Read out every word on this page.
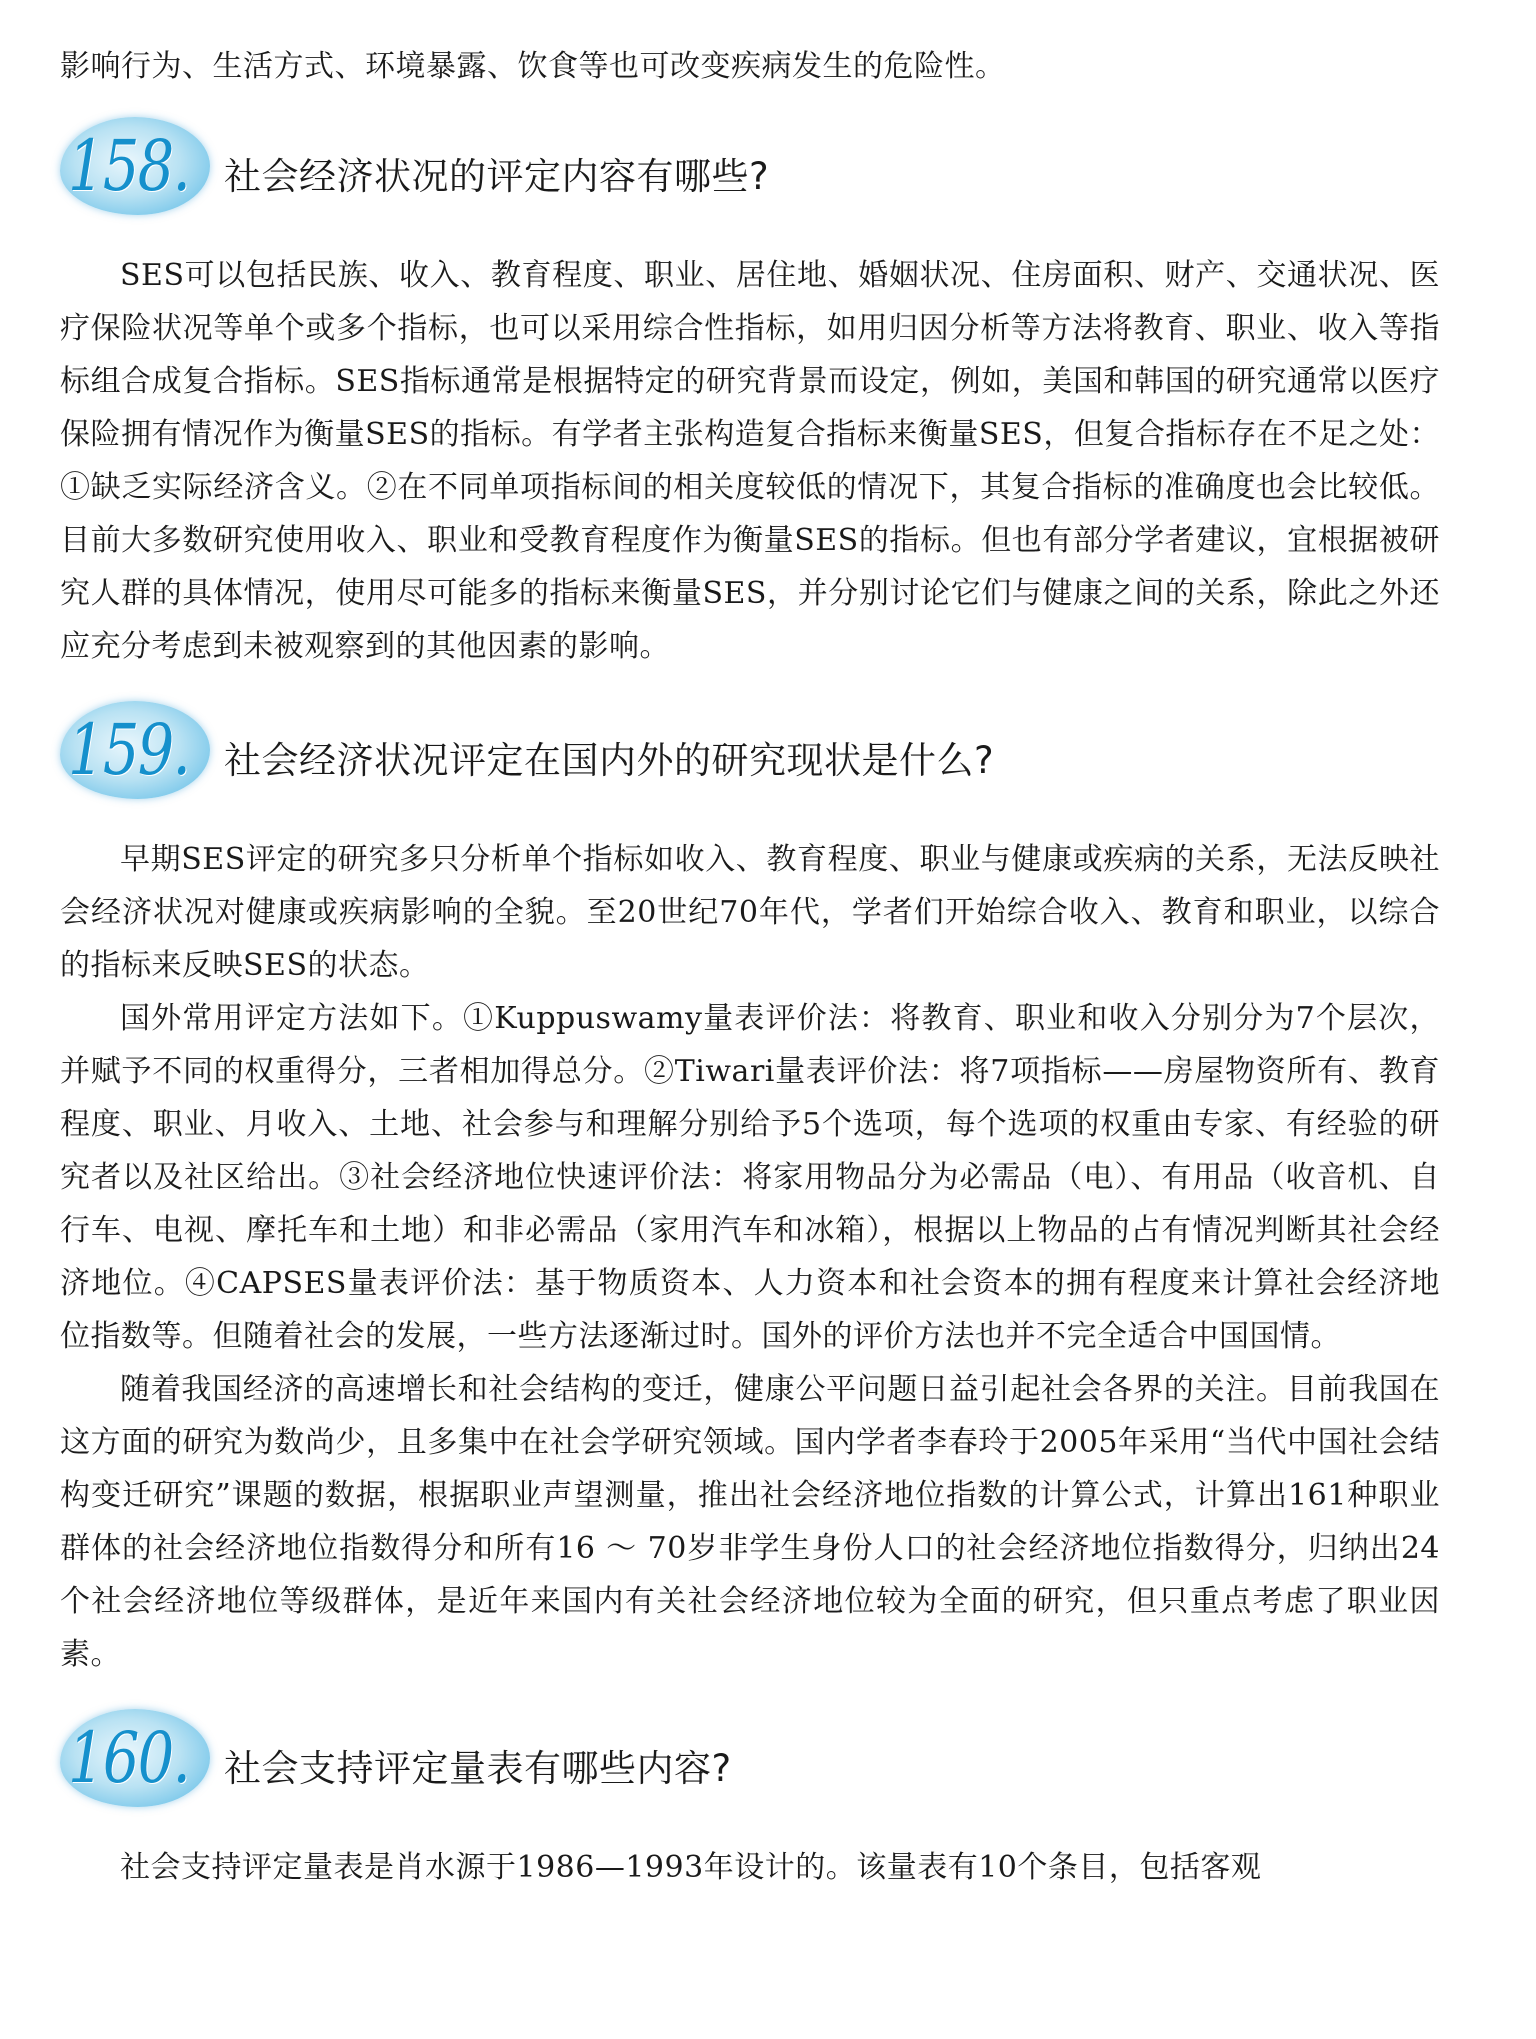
影响行为、生活方式、环境暴露、饮食等也可改变疾病发生的危险性。

158. 社会经济状况的评定内容有哪些?

SES可以包括民族、收入、教育程度、职业、居住地、婚姻状况、住房面积、财产、交通状况、医疗保险状况等单个或多个指标，也可以采用综合性指标，如用归因分析等方法将教育、职业、收入等指标组合成复合指标。SES指标通常是根据特定的研究背景而设定，例如，美国和韩国的研究通常以医疗保险拥有情况作为衡量SES的指标。有学者主张构造复合指标来衡量SES，但复合指标存在不足之处：①缺乏实际经济含义。②在不同单项指标间的相关度较低的情况下，其复合指标的准确度也会比较低。目前大多数研究使用收入、职业和受教育程度作为衡量SES的指标。但也有部分学者建议，宜根据被研究人群的具体情况，使用尽可能多的指标来衡量SES，并分别讨论它们与健康之间的关系，除此之外还应充分考虑到未被观察到的其他因素的影响。

159. 社会经济状况评定在国内外的研究现状是什么?

早期SES评定的研究多只分析单个指标如收入、教育程度、职业与健康或疾病的关系，无法反映社会经济状况对健康或疾病影响的全貌。至20世纪70年代，学者们开始综合收入、教育和职业，以综合的指标来反映SES的状态。

国外常用评定方法如下。①Kuppuswamy量表评价法：将教育、职业和收入分别分为7个层次，并赋予不同的权重得分，三者相加得总分。②Tiwari量表评价法：将7项指标——房屋物资所有、教育程度、职业、月收入、土地、社会参与和理解分别给予5个选项，每个选项的权重由专家、有经验的研究者以及社区给出。③社会经济地位快速评价法：将家用物品分为必需品（电）、有用品（收音机、自行车、电视、摩托车和土地）和非必需品（家用汽车和冰箱），根据以上物品的占有情况判断其社会经济地位。④CAPSES量表评价法：基于物质资本、人力资本和社会资本的拥有程度来计算社会经济地位指数等。但随着社会的发展，一些方法逐渐过时。国外的评价方法也并不完全适合中国国情。

随着我国经济的高速增长和社会结构的变迁，健康公平问题日益引起社会各界的关注。目前我国在这方面的研究为数尚少，且多集中在社会学研究领域。国内学者李春玲于2005年采用“当代中国社会结构变迁研究”课题的数据，根据职业声望测量，推出社会经济地位指数的计算公式，计算出161种职业群体的社会经济地位指数得分和所有16 ～ 70岁非学生身份人口的社会经济地位指数得分，归纳出24个社会经济地位等级群体，是近年来国内有关社会经济地位较为全面的研究，但只重点考虑了职业因素。

160. 社会支持评定量表有哪些内容?

社会支持评定量表是肖水源于1986—1993年设计的。该量表有10个条目，包括客观
